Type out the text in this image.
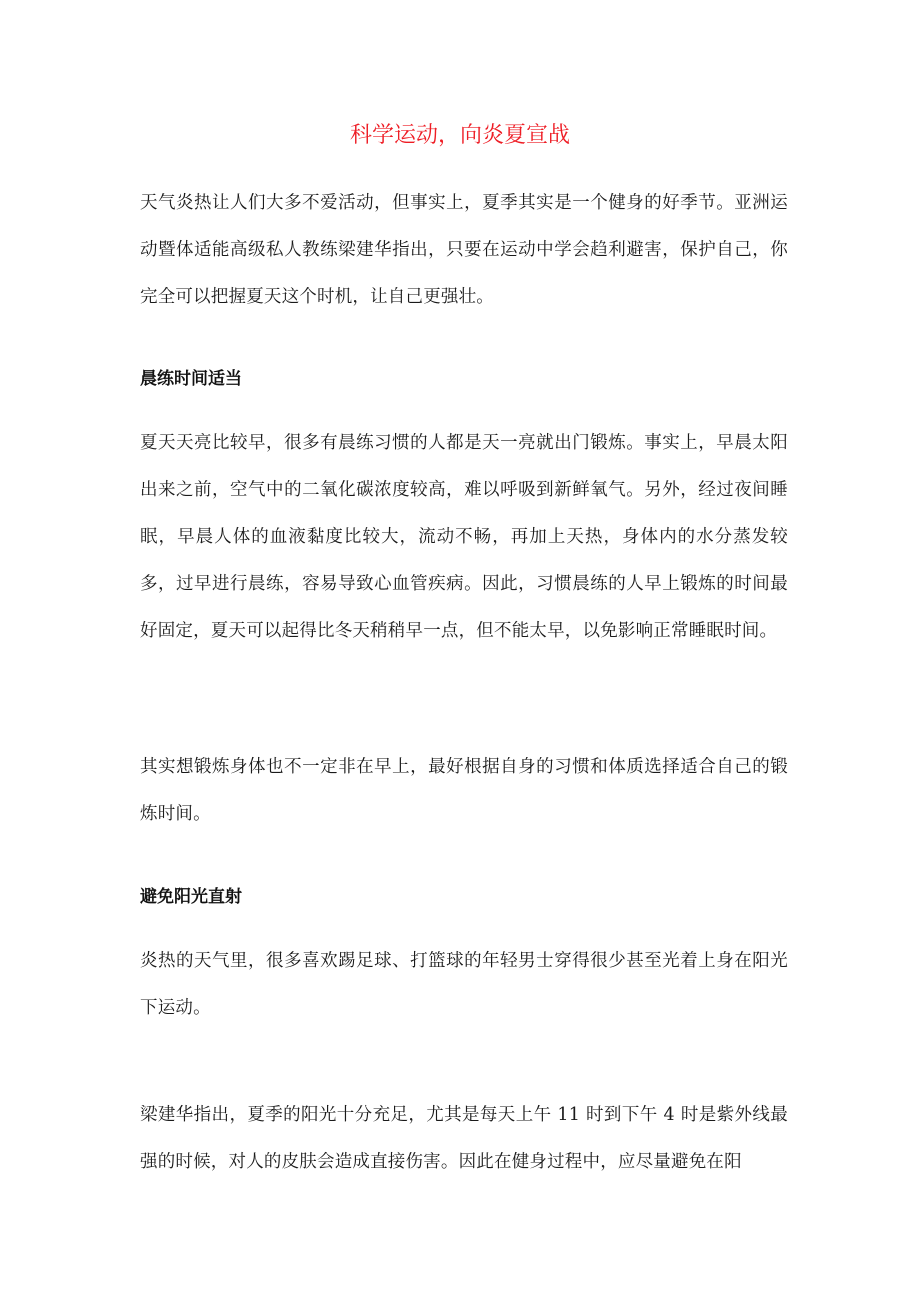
科学运动，向炎夏宣战

天气炎热让人们大多不爱活动，但事实上，夏季其实是一个健身的好季节。亚洲运动暨体适能高级私人教练梁建华指出，只要在运动中学会趋利避害，保护自己，你完全可以把握夏天这个时机，让自己更强壮。

晨练时间适当

夏天天亮比较早，很多有晨练习惯的人都是天一亮就出门锻炼。事实上，早晨太阳出来之前，空气中的二氧化碳浓度较高，难以呼吸到新鲜氧气。另外，经过夜间睡眠，早晨人体的血液黏度比较大，流动不畅，再加上天热，身体内的水分蒸发较多，过早进行晨练，容易导致心血管疾病。因此，习惯晨练的人早上锻炼的时间最好固定，夏天可以起得比冬天稍稍早一点，但不能太早，以免影响正常睡眠时间。

其实想锻炼身体也不一定非在早上，最好根据自身的习惯和体质选择适合自己的锻炼时间。

避免阳光直射

炎热的天气里，很多喜欢踢足球、打篮球的年轻男士穿得很少甚至光着上身在阳光下运动。

梁建华指出，夏季的阳光十分充足，尤其是每天上午 11 时到下午 4 时是紫外线最强的时候，对人的皮肤会造成直接伤害。因此在健身过程中，应尽量避免在阳
